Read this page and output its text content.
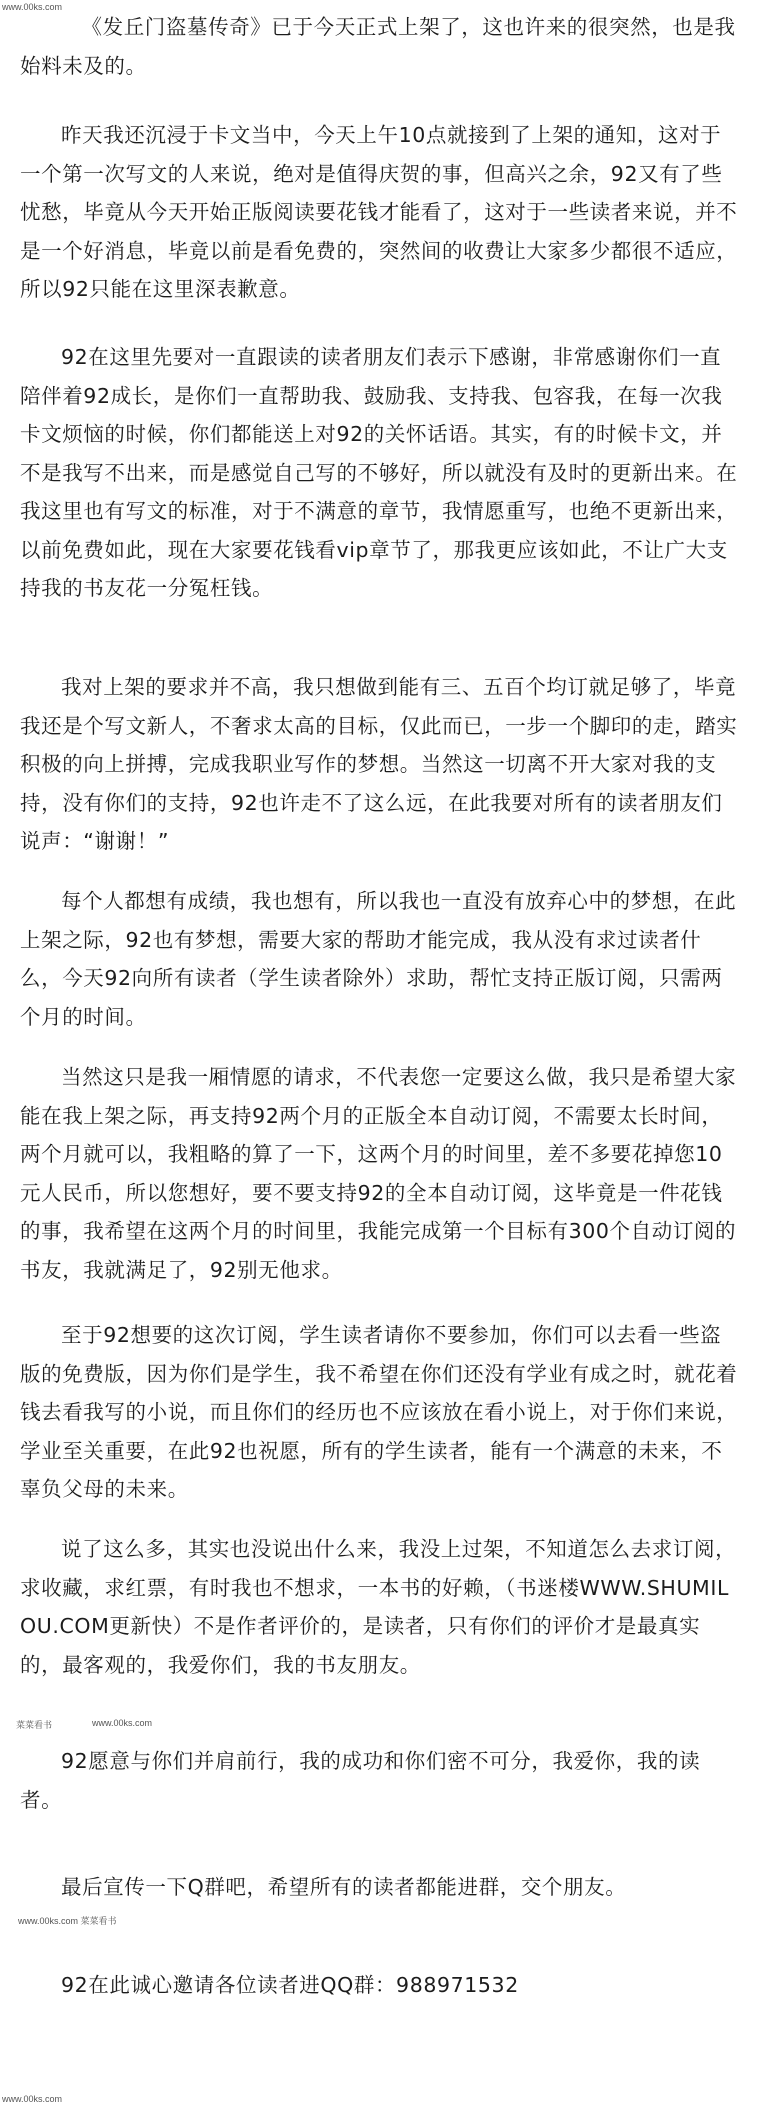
www.00ks.com

《发丘门盗墓传奇》已于今天正式上架了，这也许来的很突然，也是我始料未及的。

昨天我还沉浸于卡文当中，今天上午10点就接到了上架的通知，这对于一个第一次写文的人来说，绝对是值得庆贺的事，但高兴之余，92又有了些忧愁，毕竟从今天开始正版阅读要花钱才能看了，这对于一些读者来说，并不是一个好消息，毕竟以前是看免费的，突然间的收费让大家多少都很不适应，所以92只能在这里深表歉意。

92在这里先要对一直跟读的读者朋友们表示下感谢，非常感谢你们一直陪伴着92成长，是你们一直帮助我、鼓励我、支持我、包容我，在每一次我卡文烦恼的时候，你们都能送上对92的关怀话语。其实，有的时候卡文，并不是我写不出来，而是感觉自己写的不够好，所以就没有及时的更新出来。在我这里也有写文的标准，对于不满意的章节，我情愿重写，也绝不更新出来，以前免费如此，现在大家要花钱看vip章节了，那我更应该如此，不让广大支持我的书友花一分冤枉钱。

我对上架的要求并不高，我只想做到能有三、五百个均订就足够了，毕竟我还是个写文新人，不奢求太高的目标，仅此而已，一步一个脚印的走，踏实积极的向上拼搏，完成我职业写作的梦想。当然这一切离不开大家对我的支持，没有你们的支持，92也许走不了这么远，在此我要对所有的读者朋友们说声：“谢谢！”

每个人都想有成绩，我也想有，所以我也一直没有放弃心中的梦想，在此上架之际，92也有梦想，需要大家的帮助才能完成，我从没有求过读者什么，今天92向所有读者（学生读者除外）求助，帮忙支持正版订阅，只需两个月的时间。

当然这只是我一厢情愿的请求，不代表您一定要这么做，我只是希望大家能在我上架之际，再支持92两个月的正版全本自动订阅，不需要太长时间，两个月就可以，我粗略的算了一下，这两个月的时间里，差不多要花掉您10元人民币，所以您想好，要不要支持92的全本自动订阅，这毕竟是一件花钱的事，我希望在这两个月的时间里，我能完成第一个目标有300个自动订阅的书友，我就满足了，92别无他求。

至于92想要的这次订阅，学生读者请你不要参加，你们可以去看一些盗版的免费版，因为你们是学生，我不希望在你们还没有学业有成之时，就花着钱去看我写的小说，而且你们的经历也不应该放在看小说上，对于你们来说，学业至关重要，在此92也祝愿，所有的学生读者，能有一个满意的未来，不辜负父母的未来。

说了这么多，其实也没说出什么来，我没上过架，不知道怎么去求订阅，求收藏，求红票，有时我也不想求，一本书的好赖，（书迷楼WWW.SHUMILOU.COM更新快）不是作者评价的，是读者，只有你们的评价才是最真实的，最客观的，我爱你们，我的书友朋友。

菜菜看书	www.00ks.com

92愿意与你们并肩前行，我的成功和你们密不可分，我爱你，我的读者。

最后宣传一下Q群吧，希望所有的读者都能进群，交个朋友。

www.00ks.com 菜菜看书

92在此诚心邀请各位读者进QQ群：988971532

www.00ks.com
